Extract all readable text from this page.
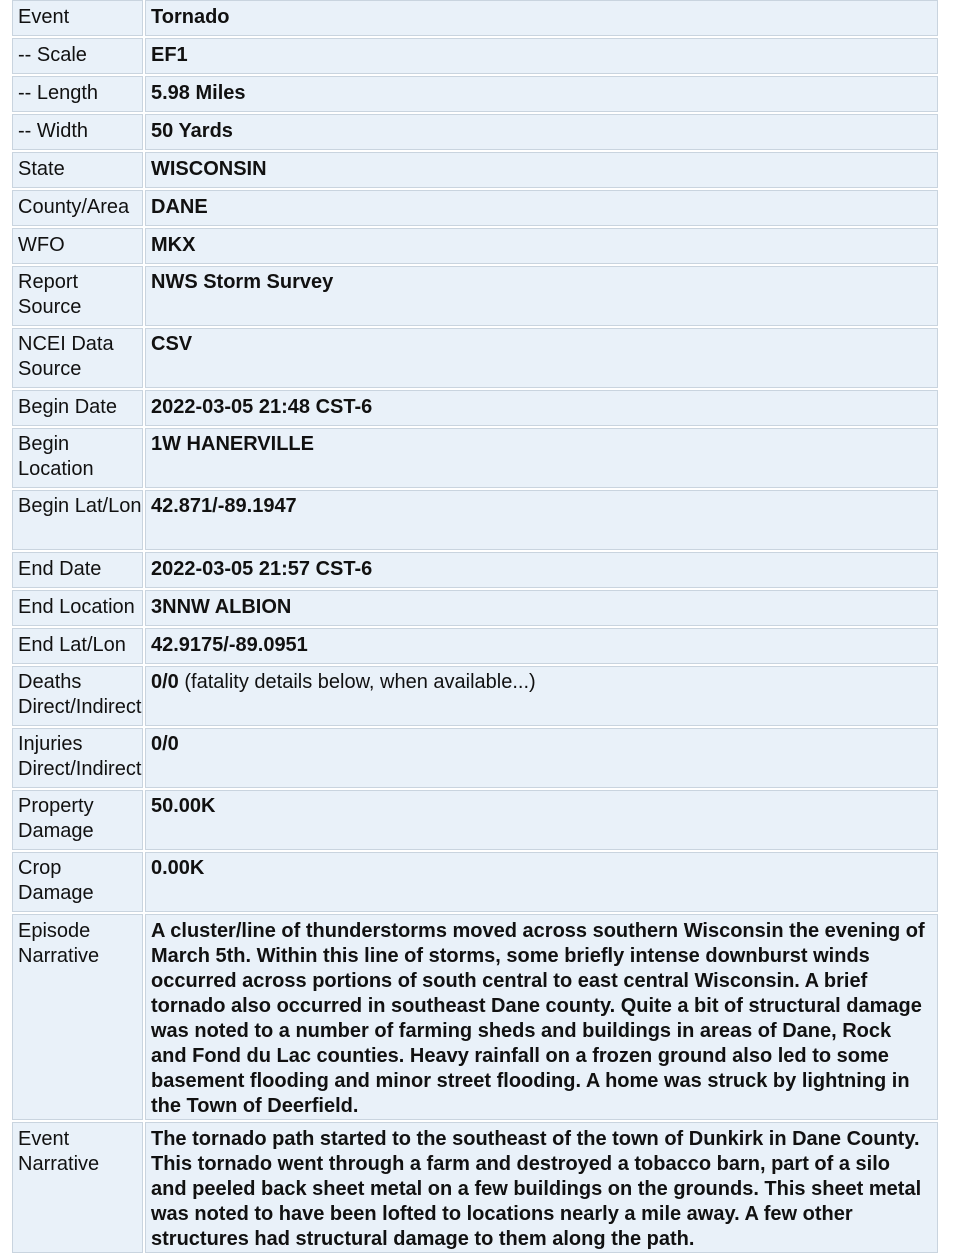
Event	Tornado
-- Scale	EF1
-- Length	5.98 Miles
-- Width	50 Yards
State	WISCONSIN
County/Area	DANE
WFO	MKX
Report Source	NWS Storm Survey
NCEI Data Source	CSV
Begin Date	2022-03-05 21:48 CST-6
Begin Location	1W HANERVILLE
Begin Lat/Lon	42.871/-89.1947
End Date	2022-03-05 21:57 CST-6
End Location	3NNW ALBION
End Lat/Lon	42.9175/-89.0951
Deaths Direct/Indirect	0/0 (fatality details below, when available...)
Injuries Direct/Indirect	0/0
Property Damage	50.00K
Crop Damage	0.00K
Episode Narrative	A cluster/line of thunderstorms moved across southern Wisconsin the evening of March 5th. Within this line of storms, some briefly intense downburst winds occurred across portions of south central to east central Wisconsin. A brief tornado also occurred in southeast Dane county. Quite a bit of structural damage was noted to a number of farming sheds and buildings in areas of Dane, Rock and Fond du Lac counties. Heavy rainfall on a frozen ground also led to some basement flooding and minor street flooding. A home was struck by lightning in the Town of Deerfield.
Event Narrative	The tornado path started to the southeast of the town of Dunkirk in Dane County. This tornado went through a farm and destroyed a tobacco barn, part of a silo and peeled back sheet metal on a few buildings on the grounds. This sheet metal was noted to have been lofted to locations nearly a mile away. A few other structures had structural damage to them along the path.
